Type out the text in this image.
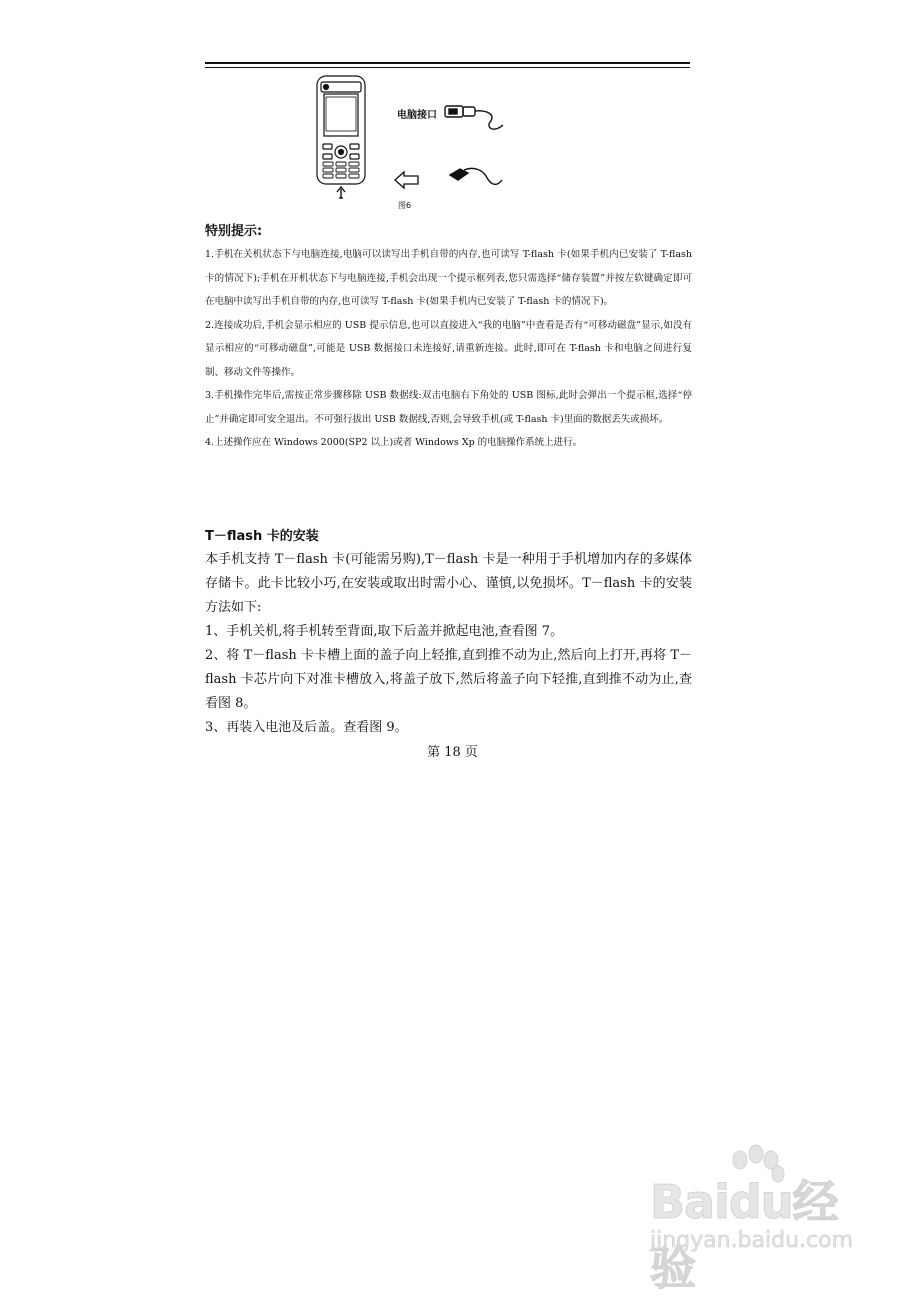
电脑接口
图6

特别提示:

1.手机在关机状态下与电脑连接,电脑可以读写出手机自带的内存,也可读写 T-flash 卡(如果手机内已安装了 T-flash 卡的情况下);手机在开机状态下与电脑连接,手机会出现一个提示框列表,您只需选择“储存装置”并按左软键确定即可在电脑中读写出手机自带的内存,也可读写 T-flash 卡(如果手机内已安装了 T-flash 卡的情况下)。

2.连接成功后,手机会显示相应的 USB 提示信息,也可以直接进入“我的电脑”中查看是否有“可移动磁盘”显示,如没有显示相应的“可移动磁盘”,可能是 USB 数据接口未连接好,请重新连接。此时,即可在 T-flash 卡和电脑之间进行复制、移动文件等操作。

3.手机操作完毕后,需按正常步骤移除 USB 数据线:双击电脑右下角处的 USB 图标,此时会弹出一个提示框,选择“停止”并确定即可安全退出。不可强行拔出 USB 数据线,否则,会导致手机(或 T-flash 卡)里面的数据丢失或损坏。

4.上述操作应在 Windows 2000(SP2 以上)或者 Windows Xp 的电脑操作系统上进行。

T－flash 卡的安装

本手机支持 T－flash 卡(可能需另购),T－flash 卡是一种用于手机增加内存的多媒体存储卡。此卡比较小巧,在安装或取出时需小心、谨慎,以免损坏。T－flash 卡的安装方法如下:

1、手机关机,将手机转至背面,取下后盖并掀起电池,查看图 7。

2、将 T－flash 卡卡槽上面的盖子向上轻推,直到推不动为止,然后向上打开,再将 T－flash 卡芯片向下对准卡槽放入,将盖子放下,然后将盖子向下轻推,直到推不动为止,查看图 8。

3、再装入电池及后盖。查看图 9。

第 18 页
Baidu经验
jingyan.baidu.com
